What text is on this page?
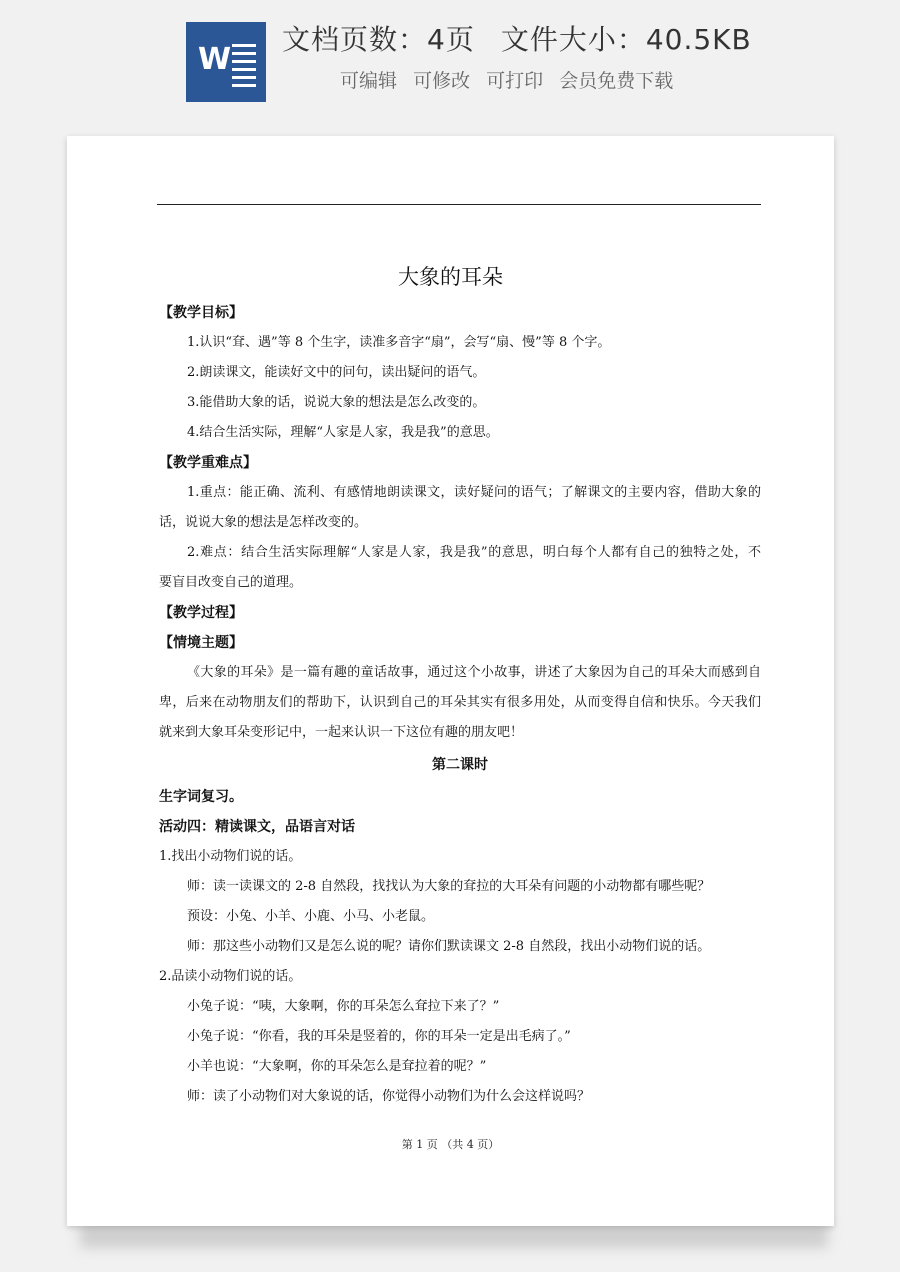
W
文档页数：4页 文件大小：40.5KB
可编辑 可修改 可打印 会员免费下载
大象的耳朵
【教学目标】
1.认识“耷、遇”等 8 个生字，读准多音字“扇”，会写“扇、慢”等 8 个字。
2.朗读课文，能读好文中的问句，读出疑问的语气。
3.能借助大象的话，说说大象的想法是怎么改变的。
4.结合生活实际，理解“人家是人家，我是我”的意思。
【教学重难点】
1.重点：能正确、流利、有感情地朗读课文，读好疑问的语气；了解课文的主要内容，借助大象的
话，说说大象的想法是怎样改变的。
2.难点：结合生活实际理解“人家是人家，我是我”的意思，明白每个人都有自己的独特之处，不
要盲目改变自己的道理。
【教学过程】
【情境主题】
《大象的耳朵》是一篇有趣的童话故事，通过这个小故事，讲述了大象因为自己的耳朵大而感到自
卑，后来在动物朋友们的帮助下，认识到自己的耳朵其实有很多用处，从而变得自信和快乐。今天我们
就来到大象耳朵变形记中，一起来认识一下这位有趣的朋友吧！
第二课时
生字词复习。
活动四：精读课文，品语言对话
1.找出小动物们说的话。
师：读一读课文的 2-8 自然段，找找认为大象的耷拉的大耳朵有问题的小动物都有哪些呢？
预设：小兔、小羊、小鹿、小马、小老鼠。
师：那这些小动物们又是怎么说的呢？请你们默读课文 2-8 自然段，找出小动物们说的话。
2.品读小动物们说的话。
小兔子说：“咦，大象啊，你的耳朵怎么耷拉下来了？”
小兔子说：“你看，我的耳朵是竖着的，你的耳朵一定是出毛病了。”
小羊也说：“大象啊，你的耳朵怎么是耷拉着的呢？”
师：读了小动物们对大象说的话，你觉得小动物们为什么会这样说吗？
第 1 页 （共 4 页）
